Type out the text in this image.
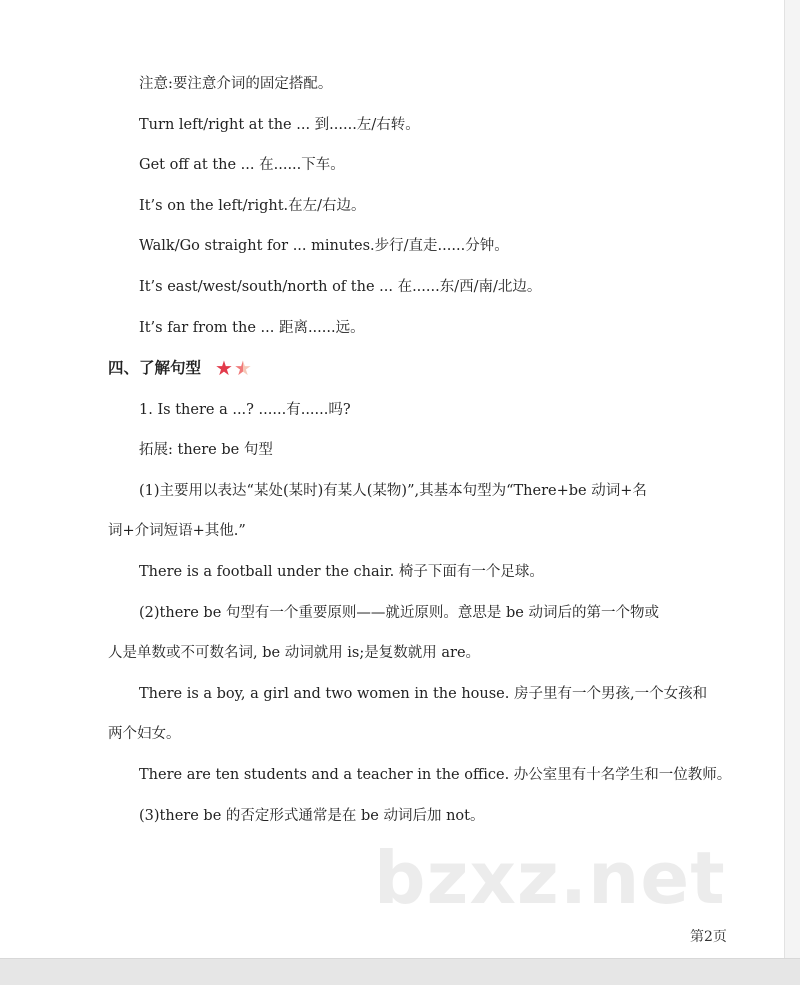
注意:要注意介词的固定搭配。
Turn left/right at the ... 到......左/右转。
Get off at the ... 在......下车。
It’s on the left/right.在左/右边。
Walk/Go straight for ... minutes.步行/直走......分钟。
It’s east/west/south/north of the ... 在......东/西/南/北边。
It’s far from the ... 距离......远。
四、了解句型 ★ ★
1. Is there a ...? ......有......吗?
拓展: there be 句型
(1)主要用以表达“某处(某时)有某人(某物)”,其基本句型为“There+be 动词+名
词+介词短语+其他.”
There is a football under the chair. 椅子下面有一个足球。
(2)there be 句型有一个重要原则——就近原则。意思是 be 动词后的第一个物或
人是单数或不可数名词, be 动词就用 is;是复数就用 are。
There is a boy, a girl and two women in the house. 房子里有一个男孩,一个女孩和
两个妇女。
There are ten students and a teacher in the office. 办公室里有十名学生和一位教师。
(3)there be 的否定形式通常是在 be 动词后加 not。
bzxz.net
第2页
